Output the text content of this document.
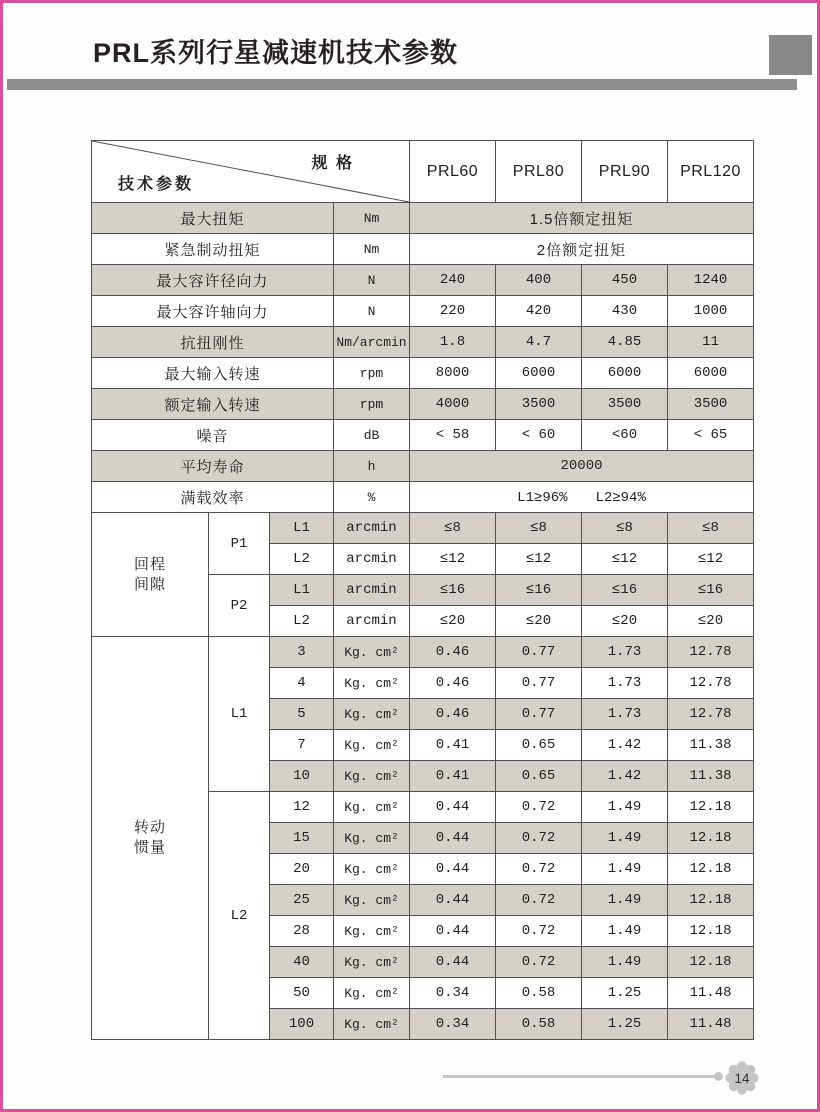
PRL系列行星减速机技术参数
规 格
技术参数				PRL60	PRL80	PRL90	PRL120
最大扭矩			Nm	1.5倍额定扭矩			
紧急制动扭矩			Nm	2倍额定扭矩			
最大容许径向力			N	240	400	450	1240
最大容许轴向力			N	220	420	430	1000
抗扭刚性			Nm/arcmin	1.8	4.7	4.85	11
最大输入转速			rpm	8000	6000	6000	6000
额定输入转速			rpm	4000	3500	3500	3500
噪音			dB	< 58	< 60	<60	< 65
平均寿命			h	20000			
满载效率			%	L1≥96% L2≥94%			

回程
间隙	P1	L1	arcmin	≤8	≤8	≤8	≤8
		L2	arcmin	≤12	≤12	≤12	≤12
	P2	L1	arcmin	≤16	≤16	≤16	≤16
		L2	arcmin	≤20	≤20	≤20	≤20

转动
惯量	L1	3	Kg. cm²	0.46	0.77	1.73	12.78
		4	Kg. cm²	0.46	0.77	1.73	12.78
		5	Kg. cm²	0.46	0.77	1.73	12.78
		7	Kg. cm²	0.41	0.65	1.42	11.38
		10	Kg. cm²	0.41	0.65	1.42	11.38
	L2	12	Kg. cm²	0.44	0.72	1.49	12.18
		15	Kg. cm²	0.44	0.72	1.49	12.18
		20	Kg. cm²	0.44	0.72	1.49	12.18
		25	Kg. cm²	0.44	0.72	1.49	12.18
		28	Kg. cm²	0.44	0.72	1.49	12.18
		40	Kg. cm²	0.44	0.72	1.49	12.18
		50	Kg. cm²	0.34	0.58	1.25	11.48
		100	Kg. cm²	0.34	0.58	1.25	11.48
14
